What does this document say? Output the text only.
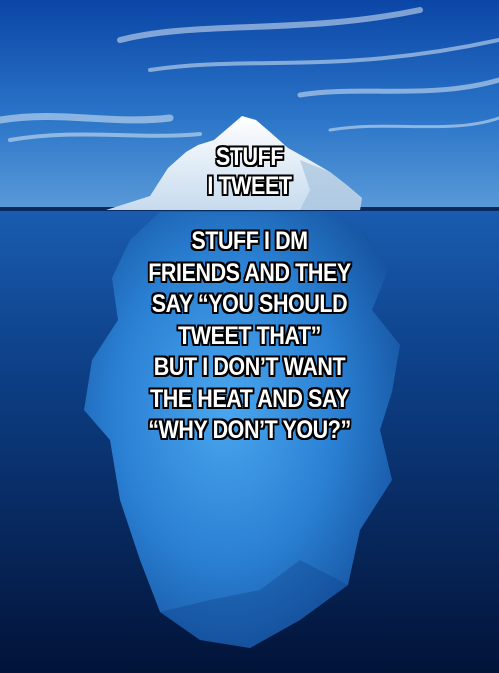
STUFF
I TWEET
STUFF I DM
FRIENDS AND THEY
SAY “YOU SHOULD
TWEET THAT”
BUT I DON’T WANT
THE HEAT AND SAY
“WHY DON’T YOU?”
